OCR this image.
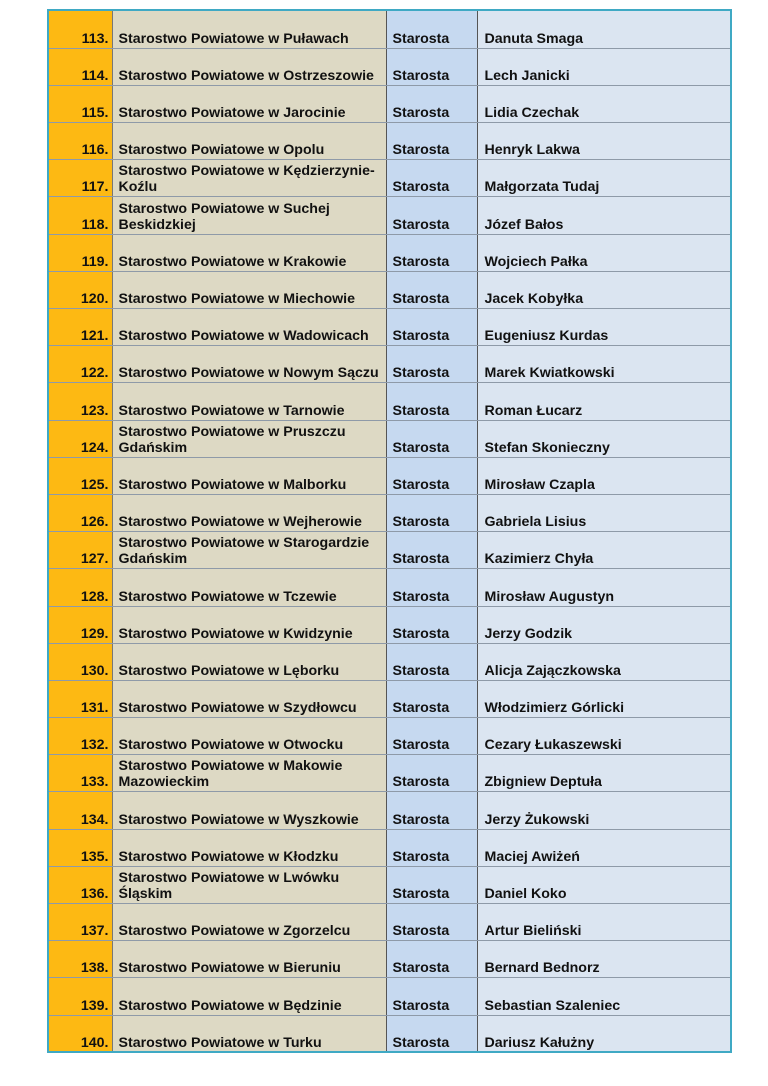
113.	Starostwo Powiatowe w Puławach	Starosta	Danuta Smaga
114.	Starostwo Powiatowe w Ostrzeszowie	Starosta	Lech Janicki
115.	Starostwo Powiatowe w Jarocinie	Starosta	Lidia Czechak
116.	Starostwo Powiatowe w Opolu	Starosta	Henryk Lakwa
117.	Starostwo Powiatowe w Kędzierzynie-Koźlu	Starosta	Małgorzata Tudaj
118.	Starostwo Powiatowe w Suchej Beskidzkiej	Starosta	Józef Bałos
119.	Starostwo Powiatowe w Krakowie	Starosta	Wojciech Pałka
120.	Starostwo Powiatowe w Miechowie	Starosta	Jacek Kobyłka
121.	Starostwo Powiatowe w Wadowicach	Starosta	Eugeniusz Kurdas
122.	Starostwo Powiatowe w Nowym Sączu	Starosta	Marek Kwiatkowski
123.	Starostwo Powiatowe w Tarnowie	Starosta	Roman Łucarz
124.	Starostwo Powiatowe w Pruszczu Gdańskim	Starosta	Stefan Skonieczny
125.	Starostwo Powiatowe w Malborku	Starosta	Mirosław Czapla
126.	Starostwo Powiatowe w Wejherowie	Starosta	Gabriela Lisius
127.	Starostwo Powiatowe w Starogardzie Gdańskim	Starosta	Kazimierz Chyła
128.	Starostwo Powiatowe w Tczewie	Starosta	Mirosław Augustyn
129.	Starostwo Powiatowe w Kwidzynie	Starosta	Jerzy Godzik
130.	Starostwo Powiatowe w Lęborku	Starosta	Alicja Zajączkowska
131.	Starostwo Powiatowe w Szydłowcu	Starosta	Włodzimierz Górlicki
132.	Starostwo Powiatowe w Otwocku	Starosta	Cezary Łukaszewski
133.	Starostwo Powiatowe w Makowie Mazowieckim	Starosta	Zbigniew Deptuła
134.	Starostwo Powiatowe w Wyszkowie	Starosta	Jerzy Żukowski
135.	Starostwo Powiatowe w Kłodzku	Starosta	Maciej Awiżeń
136.	Starostwo Powiatowe w Lwówku Śląskim	Starosta	Daniel Koko
137.	Starostwo Powiatowe w Zgorzelcu	Starosta	Artur Bieliński
138.	Starostwo Powiatowe w Bieruniu	Starosta	Bernard Bednorz
139.	Starostwo Powiatowe w Będzinie	Starosta	Sebastian Szaleniec
140.	Starostwo Powiatowe w Turku	Starosta	Dariusz Kałużny
